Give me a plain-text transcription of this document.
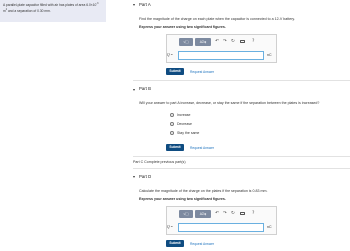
A parallel-plate capacitor filled with air has plates of area $6.0\times 10^{-3}$ $m^2$ and a separation of 0.30 mm.
Part A
Find the magnitude of the charge on each plate when the capacitor is connected to a 12-V battery.
Express your answer using two significant figures.
√□	AΣφ	↶ ↷ ↻	?
Q =	nC
Submit	Request Answer
Part B
Will your answer to part A increase, decrease, or stay the same if the separation between the plates is increased?
Increase
Decrease
Stay the same
Submit	Request Answer
Part C Complete previous part(s)
Part D
Calculate the magnitude of the charge on the plates if the separation is 0.83 mm.
Express your answer using two significant figures.
√□	AΣφ	↶ ↷ ↻	?
Q =	nC
Submit	Request Answer
